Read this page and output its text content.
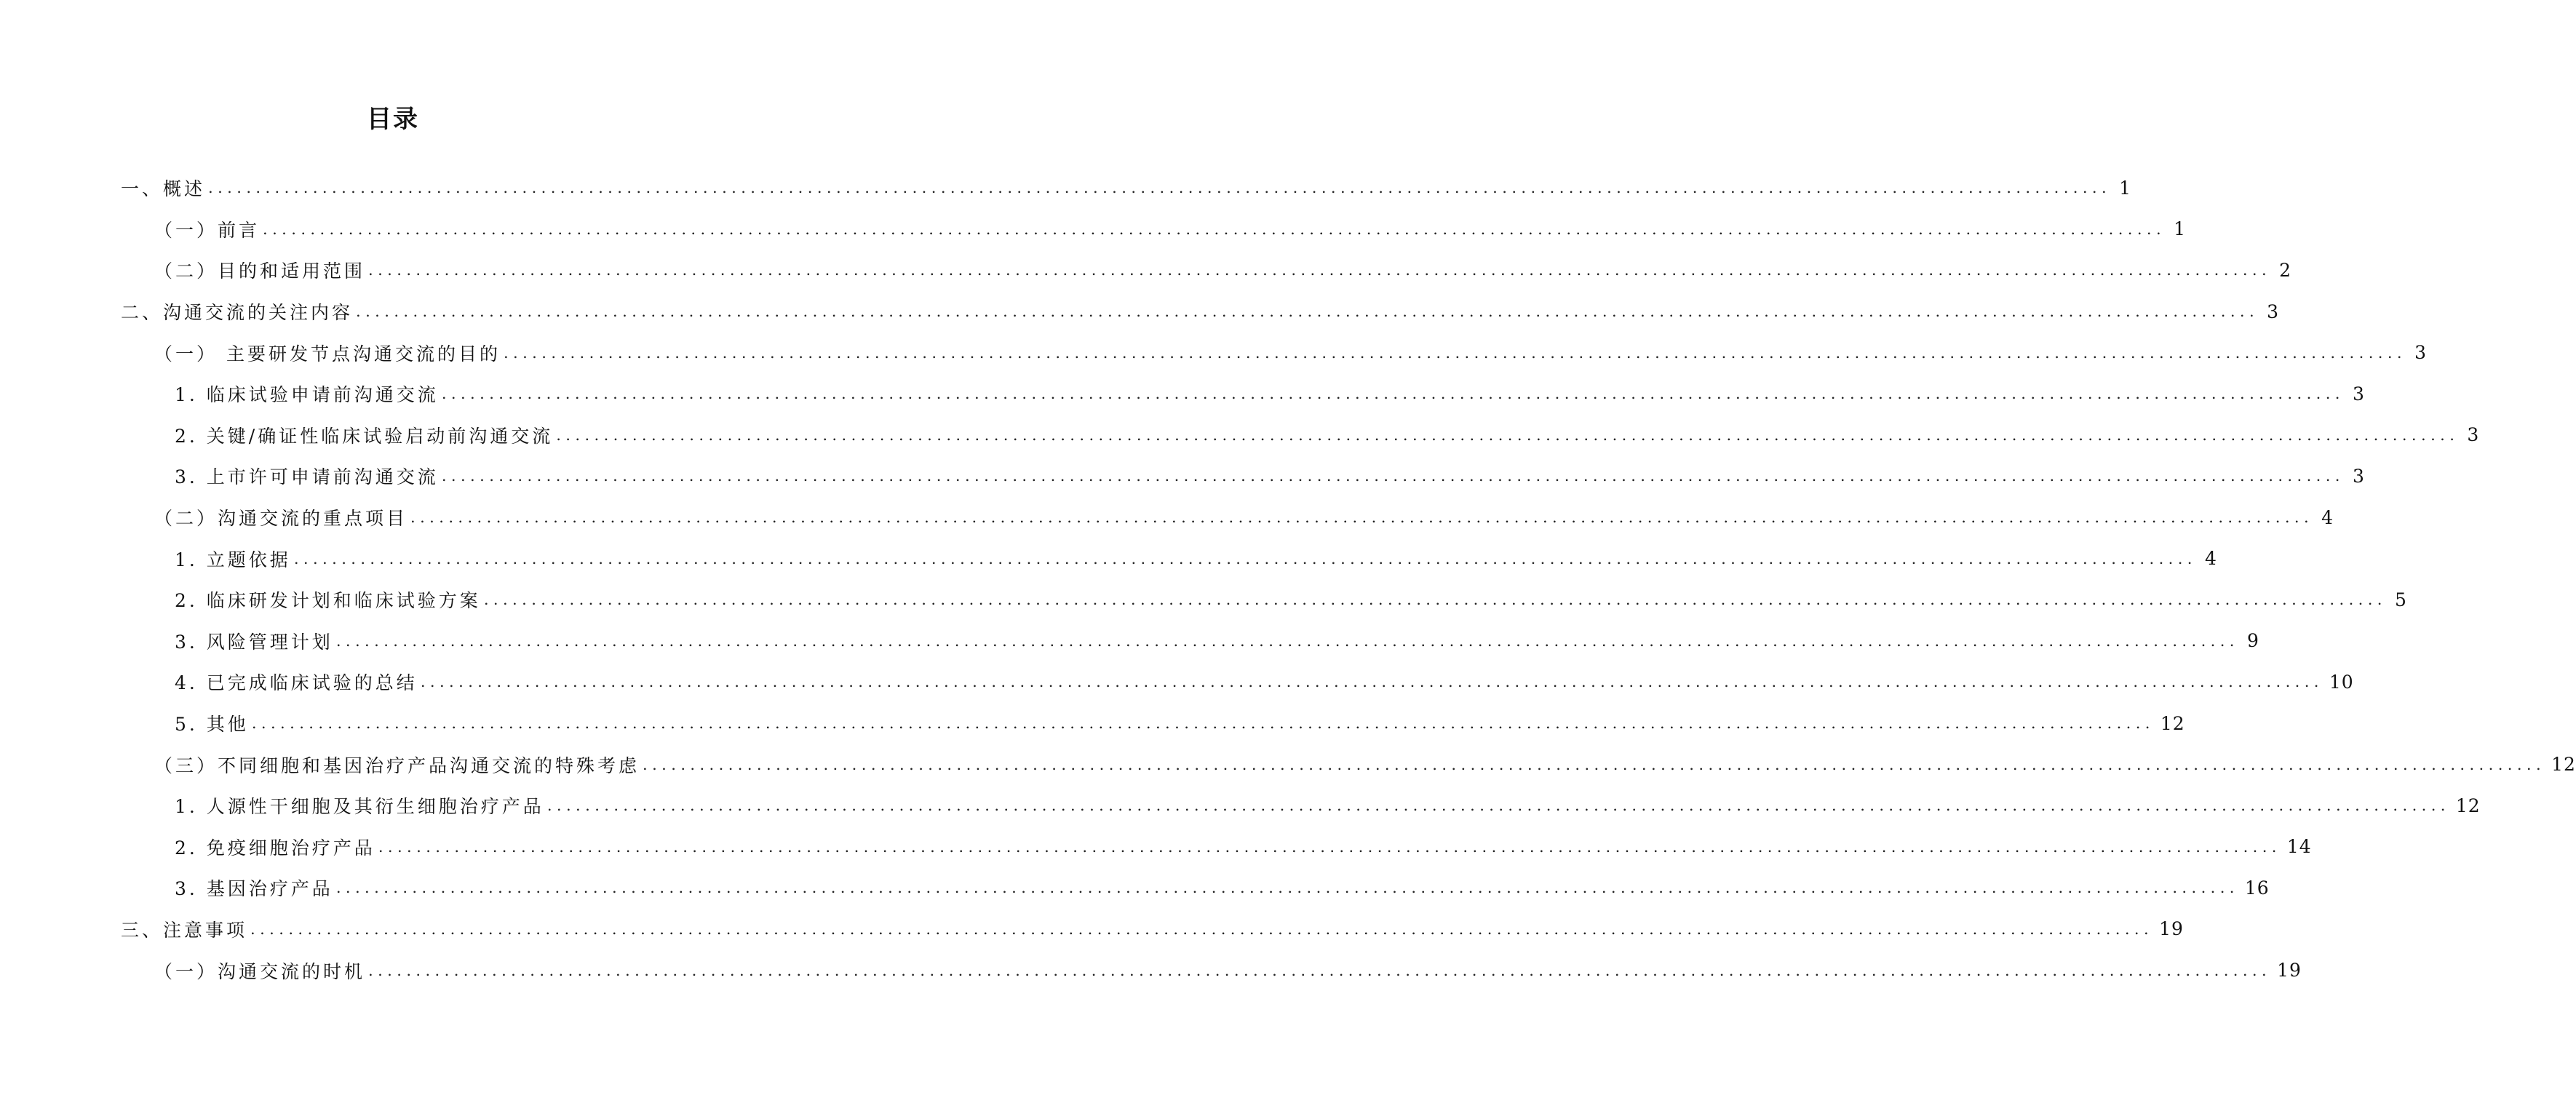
目录
一、概述 ........................................................................................................................................................................................................ 1
（一）前言 ........................................................................................................................................................................................................ 1
（二）目的和适用范围 ........................................................................................................................................................................................................ 2
二、沟通交流的关注内容 ........................................................................................................................................................................................................ 3
（一） 主要研发节点沟通交流的目的 ........................................................................................................................................................................................................ 3
1. 临床试验申请前沟通交流 ........................................................................................................................................................................................................ 3
2. 关键/确证性临床试验启动前沟通交流 ........................................................................................................................................................................................................ 3
3. 上市许可申请前沟通交流 ........................................................................................................................................................................................................ 3
（二）沟通交流的重点项目 ........................................................................................................................................................................................................ 4
1. 立题依据 ........................................................................................................................................................................................................ 4
2. 临床研发计划和临床试验方案 ........................................................................................................................................................................................................ 5
3. 风险管理计划 ........................................................................................................................................................................................................ 9
4. 已完成临床试验的总结 ........................................................................................................................................................................................................ 10
5. 其他 ........................................................................................................................................................................................................ 12
（三）不同细胞和基因治疗产品沟通交流的特殊考虑 ........................................................................................................................................................................................................ 12
1. 人源性干细胞及其衍生细胞治疗产品 ........................................................................................................................................................................................................ 12
2. 免疫细胞治疗产品 ........................................................................................................................................................................................................ 14
3. 基因治疗产品 ........................................................................................................................................................................................................ 16
三、注意事项 ........................................................................................................................................................................................................ 19
（一）沟通交流的时机 ........................................................................................................................................................................................................ 19
